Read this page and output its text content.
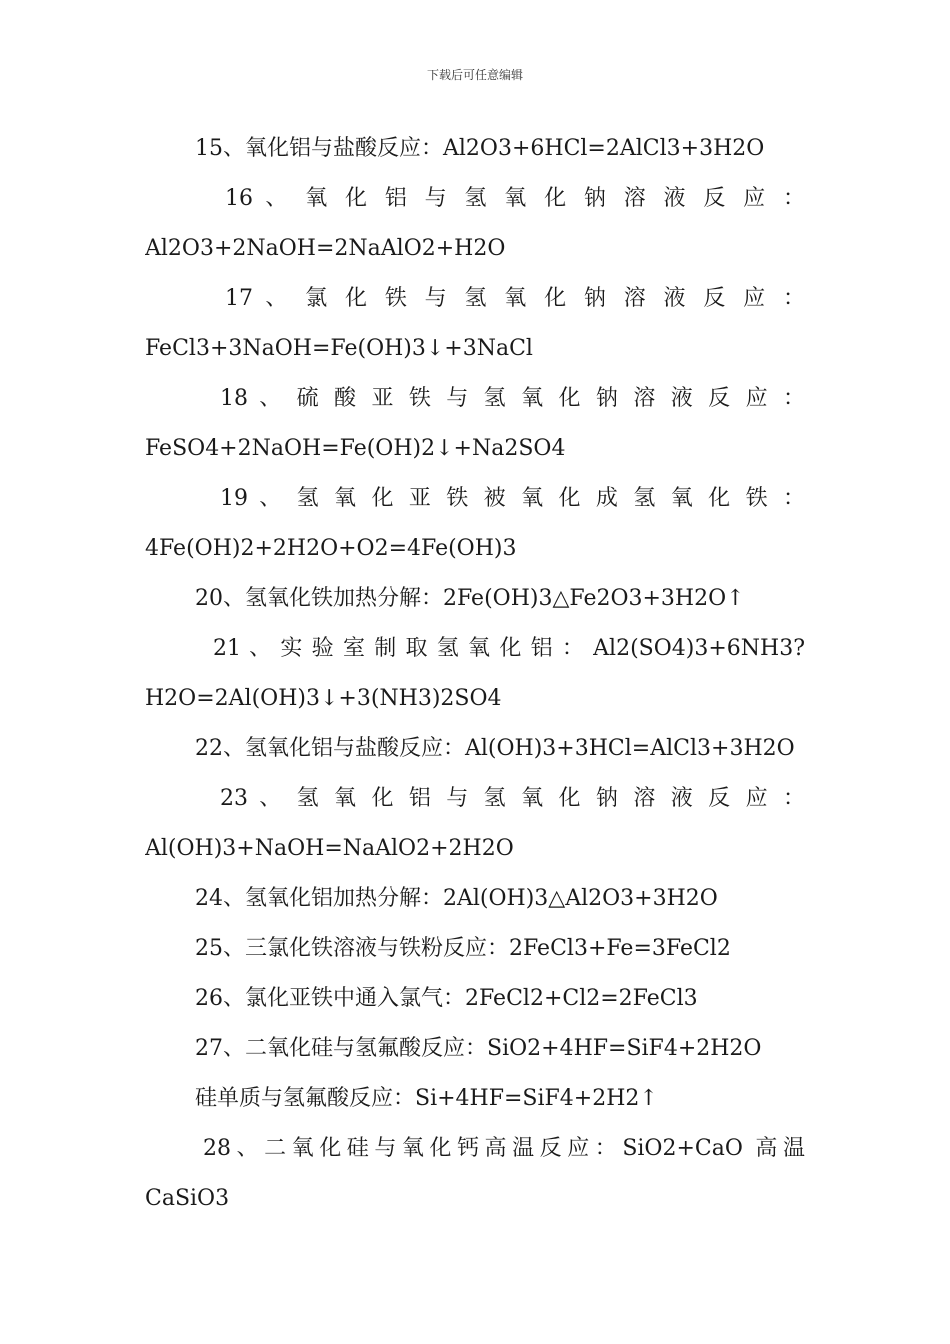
下载后可任意编辑
15、氧化铝与盐酸反应：Al2O3+6HCl=2AlCl3+3H2O
16 、 氧 化 铝 与 氢 氧 化 钠 溶 液 反 应 ：
Al2O3+2NaOH=2NaAlO2+H2O
17 、 氯 化 铁 与 氢 氧 化 钠 溶 液 反 应 ：
FeCl3+3NaOH=Fe(OH)3↓+3NaCl
18 、 硫 酸 亚 铁 与 氢 氧 化 钠 溶 液 反 应 ：
FeSO4+2NaOH=Fe(OH)2↓+Na2SO4
19 、 氢 氧 化 亚 铁 被 氧 化 成 氢 氧 化 铁 ：
4Fe(OH)2+2H2O+O2=4Fe(OH)3
20、氢氧化铁加热分解：2Fe(OH)3△Fe2O3+3H2O↑
21 、 实 验 室 制 取 氢 氧 化 铝 ： Al2(SO4)3+6NH3?
H2O=2Al(OH)3↓+3(NH3)2SO4
22、氢氧化铝与盐酸反应：Al(OH)3+3HCl=AlCl3+3H2O
23 、 氢 氧 化 铝 与 氢 氧 化 钠 溶 液 反 应 ：
Al(OH)3+NaOH=NaAlO2+2H2O
24、氢氧化铝加热分解：2Al(OH)3△Al2O3+3H2O
25、三氯化铁溶液与铁粉反应：2FeCl3+Fe=3FeCl2
26、氯化亚铁中通入氯气：2FeCl2+Cl2=2FeCl3
27、二氧化硅与氢氟酸反应：SiO2+4HF=SiF4+2H2O
硅单质与氢氟酸反应：Si+4HF=SiF4+2H2↑
28、二氧化硅与氧化钙高温反应：SiO2+CaO 高温
CaSiO3
